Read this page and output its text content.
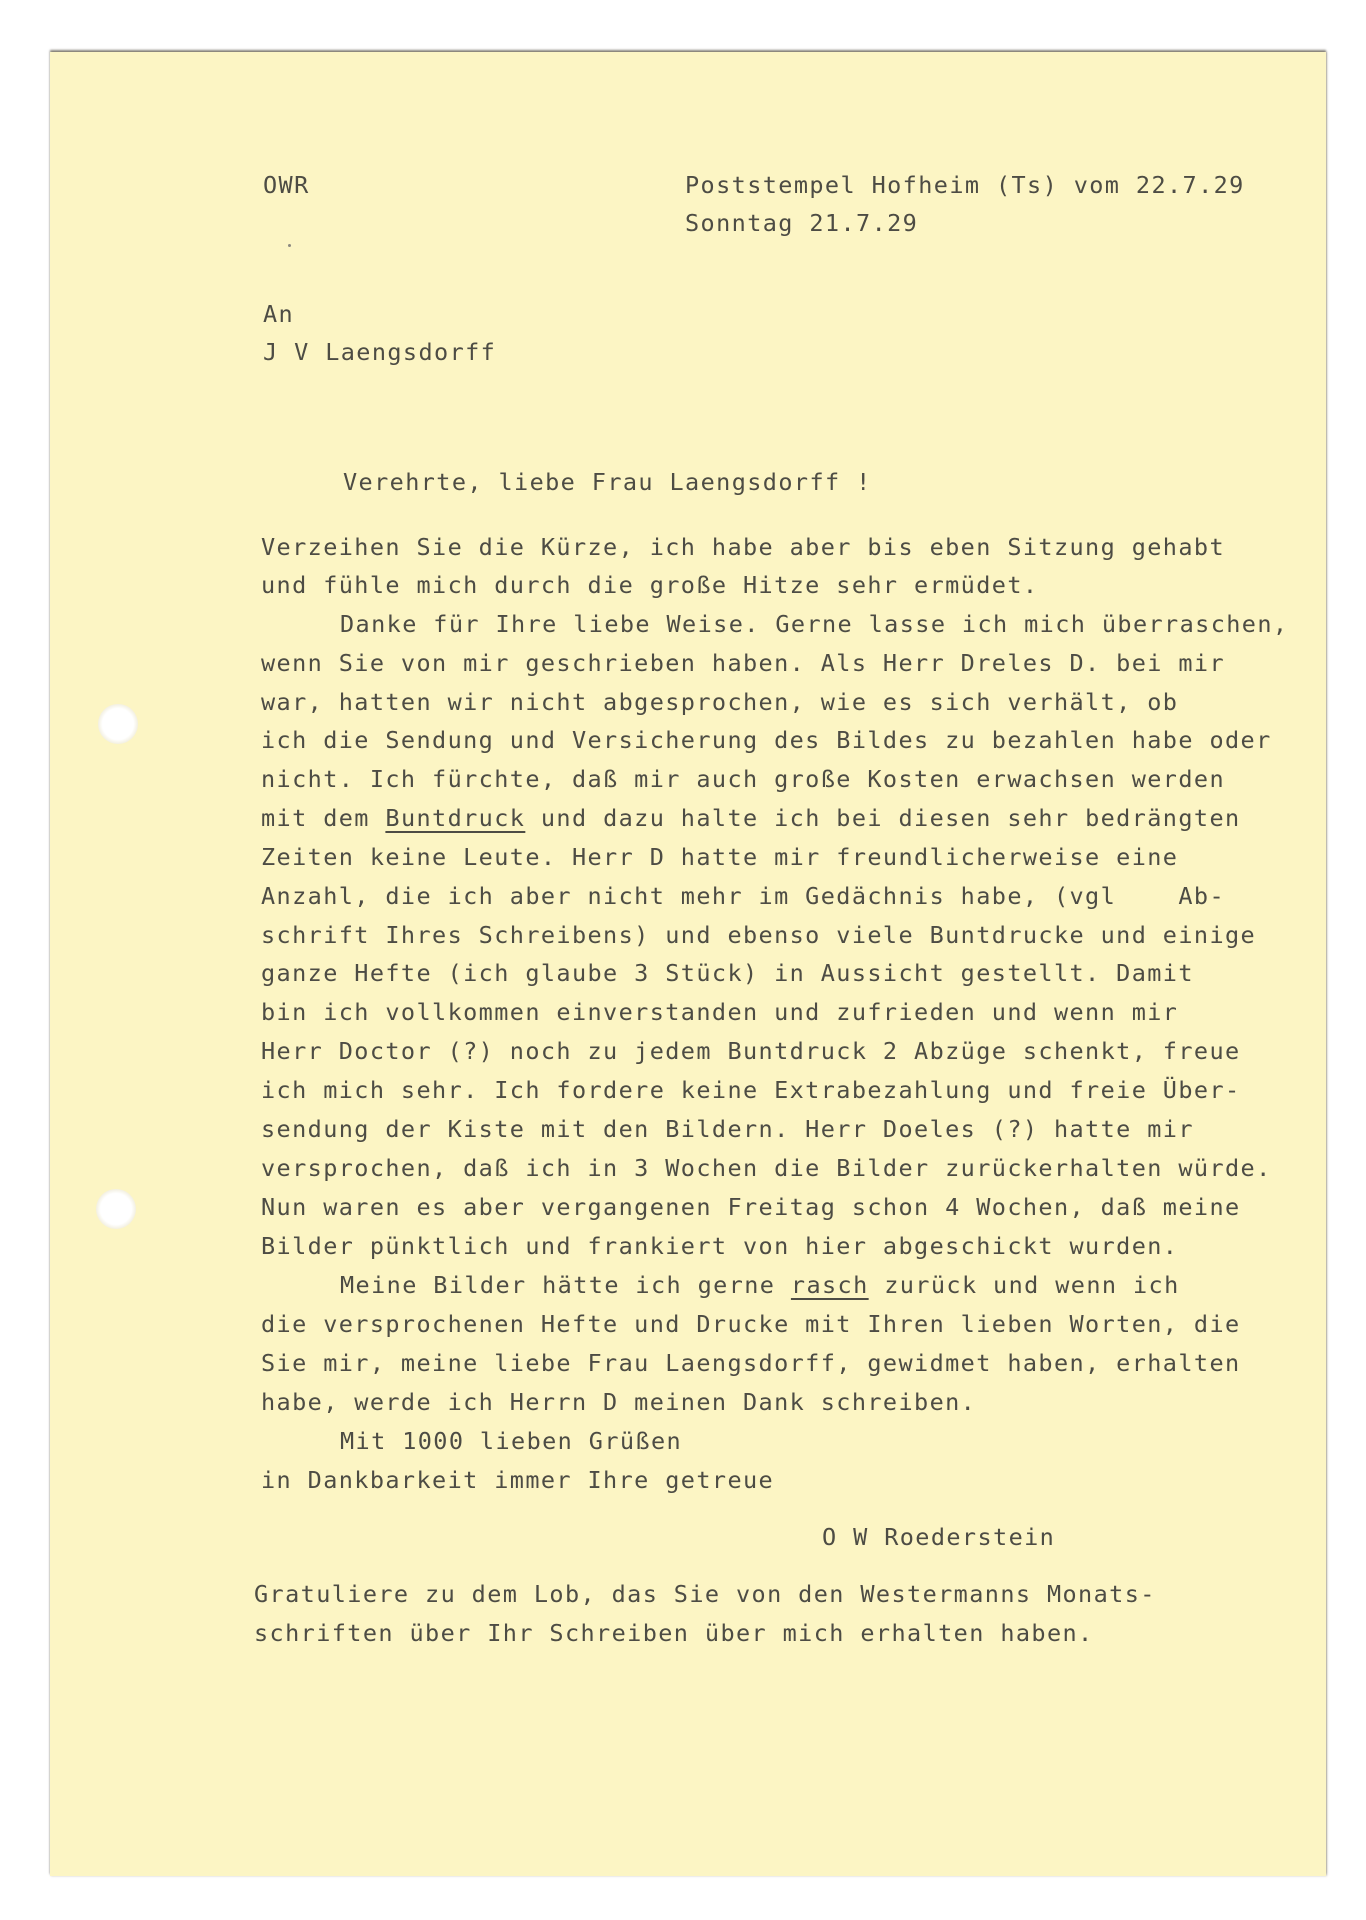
OWR	Poststempel Hofheim (Ts) vom 22.7.29
Sonntag 21.7.29
An
J V Laengsdorff
Verehrte, liebe Frau Laengsdorff !
Verzeihen Sie die Kürze, ich habe aber bis eben Sitzung gehabt
und fühle mich durch die große Hitze sehr ermüdet.
Danke für Ihre liebe Weise. Gerne lasse ich mich überraschen,
wenn Sie von mir geschrieben haben. Als Herr Dreles D. bei mir
war, hatten wir nicht abgesprochen, wie es sich verhält, ob
ich die Sendung und Versicherung des Bildes zu bezahlen habe oder
nicht. Ich fürchte, daß mir auch große Kosten erwachsen werden
mit dem Buntdruck und dazu halte ich bei diesen sehr bedrängten
Zeiten keine Leute. Herr D hatte mir freundlicherweise eine
Anzahl, die ich aber nicht mehr im Gedächnis habe, (vgl    Ab-
schrift Ihres Schreibens) und ebenso viele Buntdrucke und einige
ganze Hefte (ich glaube 3 Stück) in Aussicht gestellt. Damit
bin ich vollkommen einverstanden und zufrieden und wenn mir
Herr Doctor (?) noch zu jedem Buntdruck 2 Abzüge schenkt, freue
ich mich sehr. Ich fordere keine Extrabezahlung und freie Über-
sendung der Kiste mit den Bildern. Herr Doeles (?) hatte mir
versprochen, daß ich in 3 Wochen die Bilder zurückerhalten würde.
Nun waren es aber vergangenen Freitag schon 4 Wochen, daß meine
Bilder pünktlich und frankiert von hier abgeschickt wurden.
Meine Bilder hätte ich gerne rasch zurück und wenn ich
die versprochenen Hefte und Drucke mit Ihren lieben Worten, die
Sie mir, meine liebe Frau Laengsdorff, gewidmet haben, erhalten
habe, werde ich Herrn D meinen Dank schreiben.
Mit 1000 lieben Grüßen
in Dankbarkeit immer Ihre getreue
O W Roederstein
Gratuliere zu dem Lob, das Sie von den Westermanns Monats-
schriften über Ihr Schreiben über mich erhalten haben.
